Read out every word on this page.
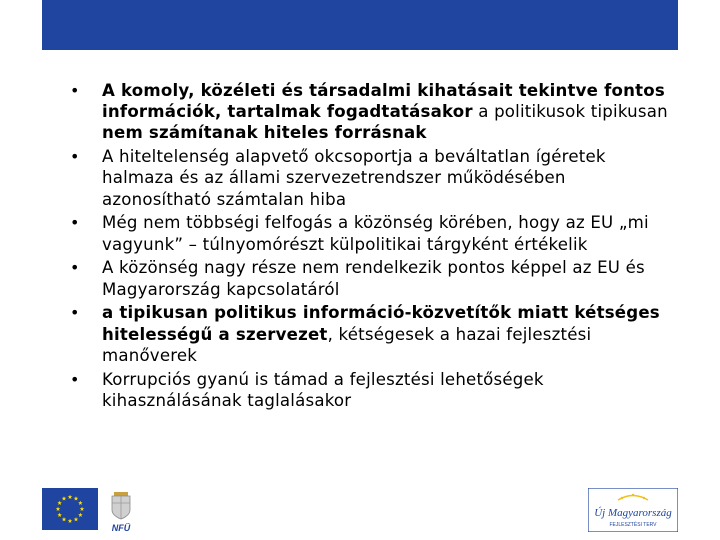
• A komoly, közéleti és társadalmi kihatásait tekintve fontos információk, tartalmak fogadtatásakor a politikusok tipikusan nem számítanak hiteles forrásnak
• A hiteltelenség alapvető okcsoportja a beváltatlan ígéretek halmaza és az állami szervezetrendszer működésében azonosítható számtalan hiba
• Még nem többségi felfogás a közönség körében, hogy az EU „mi vagyunk” – túlnyomórészt külpolitikai tárgyként értékelik
• A közönség nagy része nem rendelkezik pontos képpel az EU és Magyarország kapcsolatáról
• a tipikusan politikus információ-közvetítők miatt kétséges hitelességű a szervezet, kétségesek a hazai fejlesztési manőverek
• Korrupciós gyanú is támad a fejlesztési lehetőségek kihasználásának taglalásakor
NFÜ
Új Magyarország
FEJLESZTÉSI TERV
